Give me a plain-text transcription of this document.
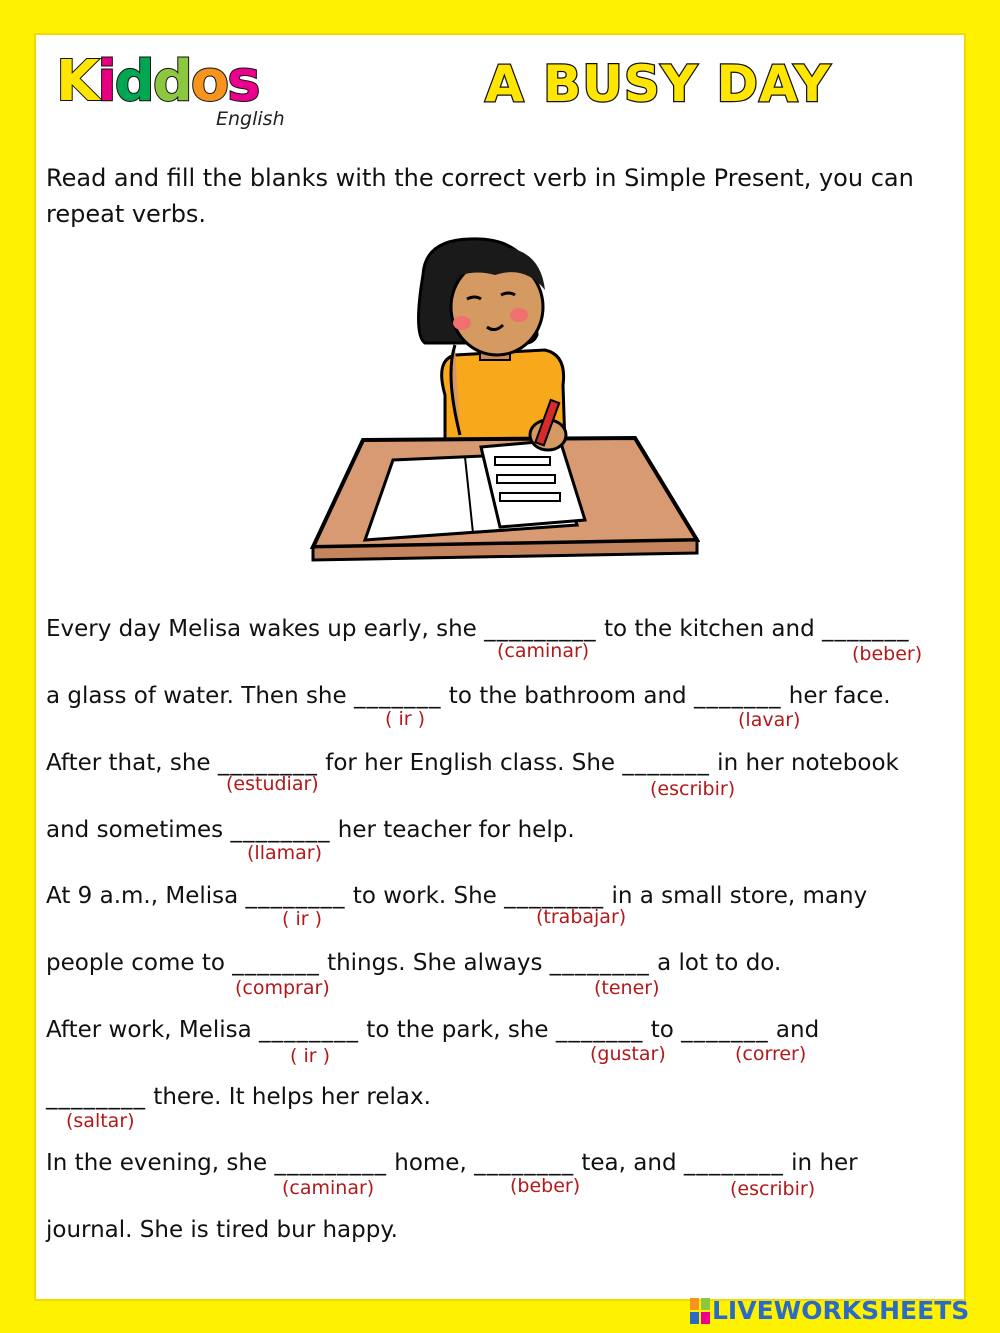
Kiddos
English
A BUSY DAY
Read and fill the blanks with the correct verb in Simple Present, you can repeat verbs.
Every day Melisa wakes up early, she _________ to the kitchen and _______
a glass of water. Then she _______ to the bathroom and _______ her face.
After that, she ________ for her English class. She _______ in her notebook
and sometimes ________ her teacher for help.
At 9 a.m., Melisa ________ to work. She ________ in a small store, many
people come to _______ things. She always ________ a lot to do.
After work, Melisa ________ to the park, she _______ to _______ and
________ there. It helps her relax.
In the evening, she _________ home, ________ tea, and ________ in her
journal. She is tired bur happy.
LIVEWORKSHEETS
(caminar)	(beber)
( ir )	(lavar)
(estudiar)	(escribir)
(llamar)
( ir )	(trabajar)
(comprar)	(tener)
( ir )	(gustar)	(correr)
(saltar)
(caminar)	(beber)	(escribir)
